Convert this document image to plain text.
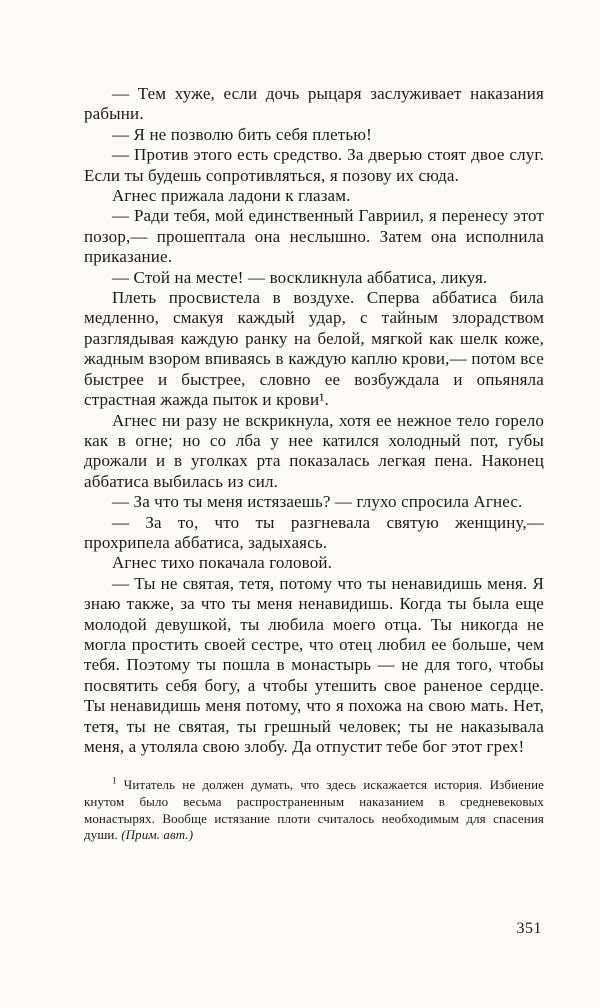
— Тем хуже, если дочь рыцаря заслуживает наказания рабыни.

— Я не позволю бить себя плетью!

— Против этого есть средство. За дверью стоят двое слуг. Если ты будешь сопротивляться, я позову их сюда.

Агнес прижала ладони к глазам.

— Ради тебя, мой единственный Гавриил, я перенесу этот позор,— прошептала она неслышно. Затем она исполнила приказание.

— Стой на месте! — воскликнула аббатиса, ликуя.

Плеть просвистела в воздухе. Сперва аббатиса била медленно, смакуя каждый удар, с тайным злорадством разглядывая каждую ранку на белой, мягкой как шелк коже, жадным взором впиваясь в каждую каплю крови,— потом все быстрее и быстрее, словно ее возбуждала и опьяняла страстная жажда пыток и крови¹.

Агнес ни разу не вскрикнула, хотя ее нежное тело горело как в огне; но со лба у нее катился холодный пот, губы дрожали и в уголках рта показалась легкая пена. Наконец аббатиса выбилась из сил.

— За что ты меня истязаешь? — глухо спросила Агнес.

— За то, что ты разгневала святую женщину,— прохрипела аббатиса, задыхаясь.

Агнес тихо покачала головой.

— Ты не святая, тетя, потому что ты ненавидишь меня. Я знаю также, за что ты меня ненавидишь. Когда ты была еще молодой девушкой, ты любила моего отца. Ты никогда не могла простить своей сестре, что отец любил ее больше, чем тебя. Поэтому ты пошла в монастырь — не для того, чтобы посвятить себя богу, а чтобы утешить свое раненое сердце. Ты ненавидишь меня потому, что я похожа на свою мать. Нет, тетя, ты не святая, ты грешный человек; ты не наказывала меня, а утоляла свою злобу. Да отпустит тебе бог этот грех!

$^1$ Читатель не должен думать, что здесь искажается история. Избиение кнутом было весьма распространенным наказанием в средневековых монастырях. Вообще истязание плоти считалось необходимым для спасения души. (Прим. авт.)
351
